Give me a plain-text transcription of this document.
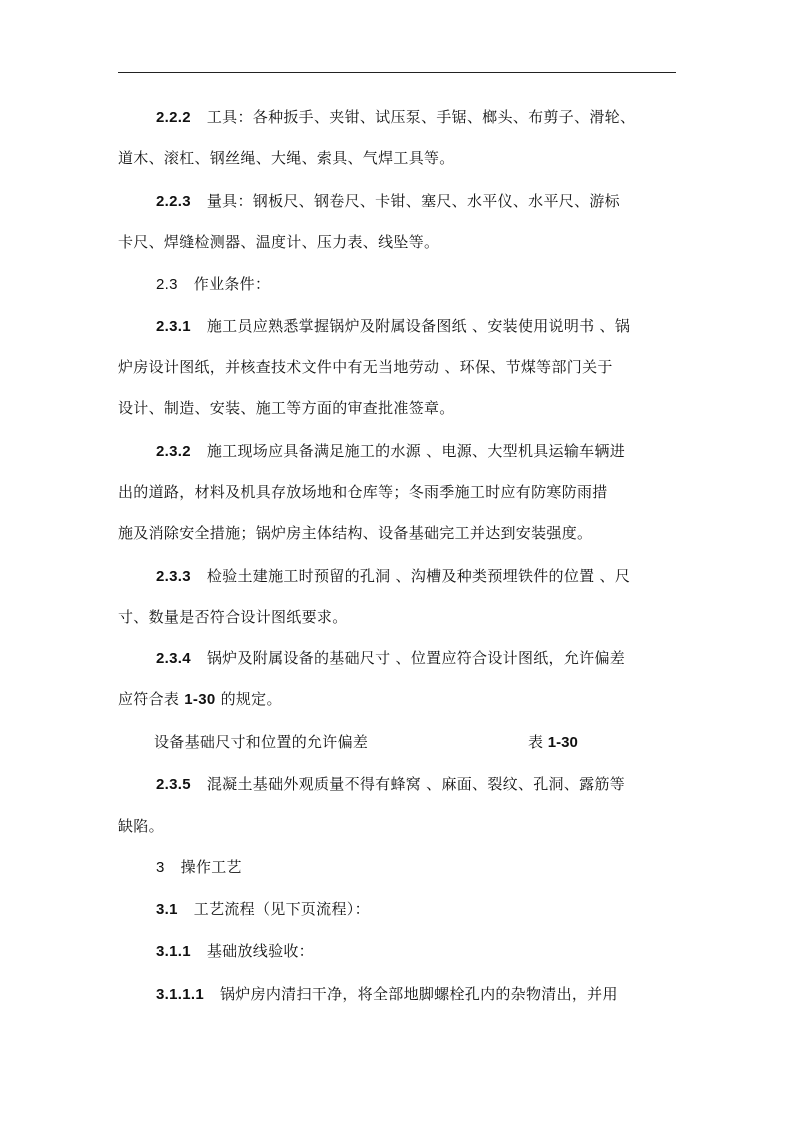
2.2.2 工具：各种扳手、夹钳、试压泵、手锯、榔头、布剪子、滑轮、
道木、滚杠、钢丝绳、大绳、索具、气焊工具等。
2.2.3 量具：钢板尺、钢卷尺、卡钳、塞尺、水平仪、水平尺、游标
卡尺、焊缝检测器、温度计、压力表、线坠等。
2.3 作业条件：
2.3.1 施工员应熟悉掌握锅炉及附属设备图纸 、安装使用说明书 、锅
炉房设计图纸，并核查技术文件中有无当地劳动 、环保、节煤等部门关于
设计、制造、安装、施工等方面的审查批准签章。
2.3.2 施工现场应具备满足施工的水源 、电源、大型机具运输车辆进
出的道路，材料及机具存放场地和仓库等；冬雨季施工时应有防寒防雨措
施及消除安全措施；锅炉房主体结构、设备基础完工并达到安装强度。
2.3.3 检验土建施工时预留的孔洞 、沟槽及种类预埋铁件的位置 、尺
寸、数量是否符合设计图纸要求。
2.3.4 锅炉及附属设备的基础尺寸 、位置应符合设计图纸，允许偏差
应符合表 1-30 的规定。
设备基础尺寸和位置的允许偏差	表 1-30
2.3.5 混凝土基础外观质量不得有蜂窝 、麻面、裂纹、孔洞、露筋等
缺陷。
3 操作工艺
3.1 工艺流程（见下页流程）：
3.1.1 基础放线验收：
3.1.1.1 锅炉房内清扫干净，将全部地脚螺栓孔内的杂物清出，并用
